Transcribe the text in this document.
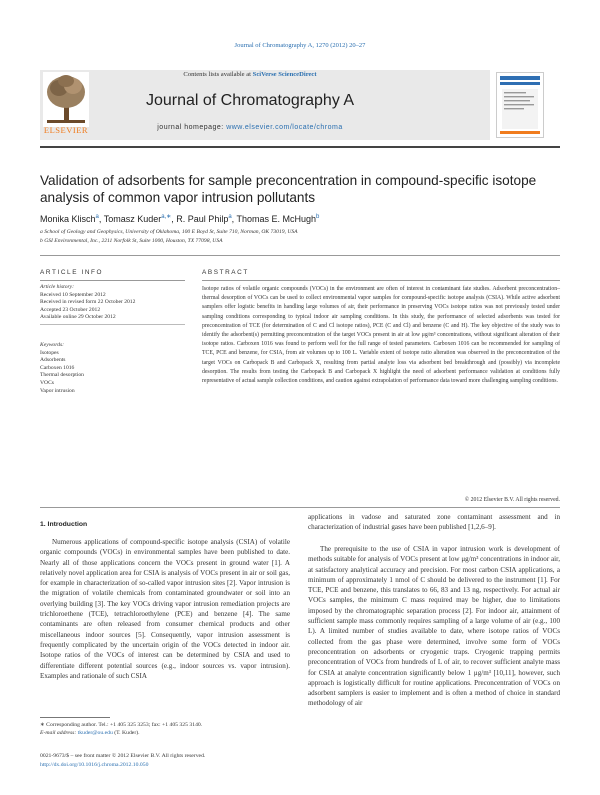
Journal of Chromatography A, 1270 (2012) 20–27
ELSEVIER
Contents lists available at SciVerse ScienceDirect
Journal of Chromatography A
journal homepage: www.elsevier.com/locate/chroma
Validation of adsorbents for sample preconcentration in compound-specific isotope analysis of common vapor intrusion pollutants
Monika Klisch$^a$, Tomasz Kuder$^{a,∗}$, R. Paul Philp$^a$, Thomas E. McHugh$^b$
a School of Geology and Geophysics, University of Oklahoma, 100 E Boyd St, Suite 710, Norman, OK 73019, USA
b GSI Environmental, Inc., 2211 Norfolk St, Suite 1000, Houston, TX 77098, USA
ARTICLE INFO
Article history:
Received 10 September 2012
Received in revised form 22 October 2012
Accepted 23 October 2012
Available online 29 October 2012
Keywords:
Isotopes
Adsorbents
Carboxen 1016
Thermal desorption
VOCs
Vapor intrusion
ABSTRACT
Isotope ratios of volatile organic compounds (VOCs) in the environment are often of interest in contaminant fate studies. Adsorbent preconcentration–thermal desorption of VOCs can be used to collect environmental vapor samples for compound-specific isotope analysis (CSIA). While active adsorbent samplers offer logistic benefits in handling large volumes of air, their performance in preserving VOCs isotope ratios was not previously tested under sampling conditions corresponding to typical indoor air sampling conditions. In this study, the performance of selected adsorbents was tested for preconcentration of TCE (for determination of C and Cl isotope ratios), PCE (C and Cl) and benzene (C and H). The key objective of the study was to identify the adsorbent(s) permitting preconcentration of the target VOCs present in air at low μg/m³ concentrations, without significant alteration of their isotope ratios. Carboxen 1016 was found to perform well for the full range of tested parameters. Carboxen 1016 can be recommended for sampling of TCE, PCE and benzene, for CSIA, from air volumes up to 100 L. Variable extent of isotope ratio alteration was observed in the preconcentration of the target VOCs on Carbopack B and Carbopack X, resulting from partial analyte loss via adsorbent bed breakthrough and (possibly) via incomplete desorption. The results from testing the Carbopack B and Carbopack X highlight the need of adsorbent performance validation at conditions fully representative of actual sample collection conditions, and caution against extrapolation of performance data toward more challenging sampling conditions.
© 2012 Elsevier B.V. All rights reserved.
1. Introduction
Numerous applications of compound-specific isotope analysis (CSIA) of volatile organic compounds (VOCs) in environmental samples have been published to date. Nearly all of those applications concern the VOCs present in ground water [1]. A relatively novel application area for CSIA is analysis of VOCs present in air or soil gas, for example in characterization of so-called vapor intrusion sites [2]. Vapor intrusion is the migration of volatile chemicals from contaminated groundwater or soil into an overlying building [3]. The key VOCs driving vapor intrusion remediation projects are trichloroethene (TCE), tetrachloroethylene (PCE) and benzene [4]. The same contaminants are often released from consumer chemical products and other miscellaneous indoor sources [5]. Consequently, vapor intrusion assessment is frequently complicated by the uncertain origin of the VOCs detected in indoor air. Isotope ratios of the VOCs of interest can be determined by CSIA and used to differentiate different potential sources (e.g., indoor sources vs. vapor intrusion). Examples and rationale of such CSIA
applications in vadose and saturated zone contaminant assessment and in characterization of industrial gases have been published [1,2,6–9].
The prerequisite to the use of CSIA in vapor intrusion work is development of methods suitable for analysis of VOCs present at low μg/m³ concentrations in indoor air, at satisfactory analytical accuracy and precision. For most carbon CSIA applications, a minimum of approximately 1 nmol of C should be delivered to the instrument [1]. For TCE, PCE and benzene, this translates to 66, 83 and 13 ng, respectively. For actual air VOCs samples, the minimum C mass required may be higher, due to limitations imposed by the chromatographic separation process [2]. For indoor air, attainment of sufficient sample mass commonly requires sampling of a large volume of air (e.g., 100 L). A limited number of studies available to date, where isotope ratios of VOCs collected from the gas phase were determined, involve some form of VOCs preconcentration on adsorbents or cryogenic traps. Cryogenic trapping permits preconcentration of VOCs from hundreds of L of air, to recover sufficient analyte mass for CSIA at analyte concentration significantly below 1 μg/m³ [10,11], however, such approach is logistically difficult for routine applications. Preconcentration of VOCs on adsorbent samplers is easier to implement and is often a method of choice in standard methodology of air
∗ Corresponding author. Tel.: +1 405 325 3253; fax: +1 405 325 3140.
E-mail address: tkuder@ou.edu (T. Kuder).
0021-9673/$ – see front matter © 2012 Elsevier B.V. All rights reserved.
http://dx.doi.org/10.1016/j.chroma.2012.10.050
